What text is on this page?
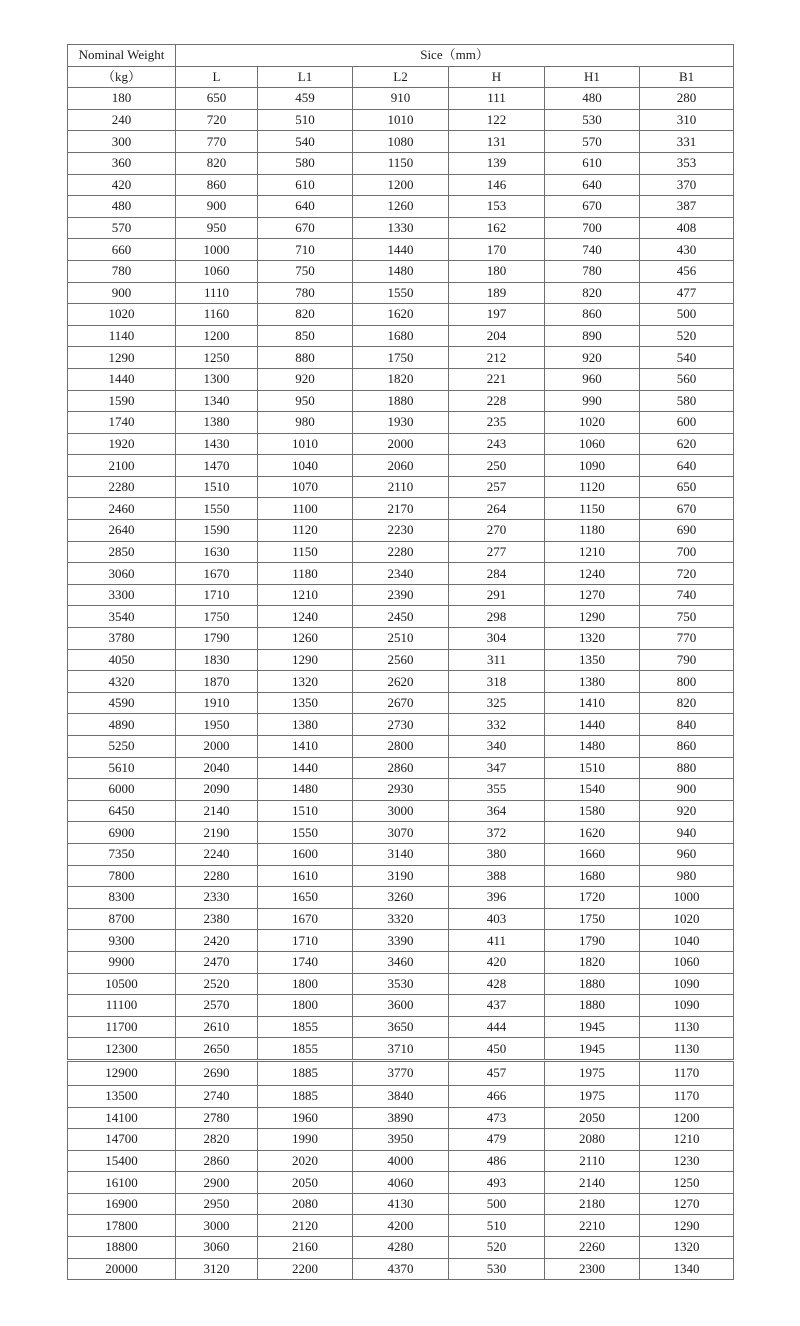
Nominal Weight	Sice（mm）					
（kg）	L	L1	L2	H	H1	B1
180	650	459	910	111	480	280
240	720	510	1010	122	530	310
300	770	540	1080	131	570	331
360	820	580	1150	139	610	353
420	860	610	1200	146	640	370
480	900	640	1260	153	670	387
570	950	670	1330	162	700	408
660	1000	710	1440	170	740	430
780	1060	750	1480	180	780	456
900	1110	780	1550	189	820	477
1020	1160	820	1620	197	860	500
1140	1200	850	1680	204	890	520
1290	1250	880	1750	212	920	540
1440	1300	920	1820	221	960	560
1590	1340	950	1880	228	990	580
1740	1380	980	1930	235	1020	600
1920	1430	1010	2000	243	1060	620
2100	1470	1040	2060	250	1090	640
2280	1510	1070	2110	257	1120	650
2460	1550	1100	2170	264	1150	670
2640	1590	1120	2230	270	1180	690
2850	1630	1150	2280	277	1210	700
3060	1670	1180	2340	284	1240	720
3300	1710	1210	2390	291	1270	740
3540	1750	1240	2450	298	1290	750
3780	1790	1260	2510	304	1320	770
4050	1830	1290	2560	311	1350	790
4320	1870	1320	2620	318	1380	800
4590	1910	1350	2670	325	1410	820
4890	1950	1380	2730	332	1440	840
5250	2000	1410	2800	340	1480	860
5610	2040	1440	2860	347	1510	880
6000	2090	1480	2930	355	1540	900
6450	2140	1510	3000	364	1580	920
6900	2190	1550	3070	372	1620	940
7350	2240	1600	3140	380	1660	960
7800	2280	1610	3190	388	1680	980
8300	2330	1650	3260	396	1720	1000
8700	2380	1670	3320	403	1750	1020
9300	2420	1710	3390	411	1790	1040
9900	2470	1740	3460	420	1820	1060
10500	2520	1800	3530	428	1880	1090
11100	2570	1800	3600	437	1880	1090
11700	2610	1855	3650	444	1945	1130
12300	2650	1855	3710	450	1945	1130
12900	2690	1885	3770	457	1975	1170
13500	2740	1885	3840	466	1975	1170
14100	2780	1960	3890	473	2050	1200
14700	2820	1990	3950	479	2080	1210
15400	2860	2020	4000	486	2110	1230
16100	2900	2050	4060	493	2140	1250
16900	2950	2080	4130	500	2180	1270
17800	3000	2120	4200	510	2210	1290
18800	3060	2160	4280	520	2260	1320
20000	3120	2200	4370	530	2300	1340
